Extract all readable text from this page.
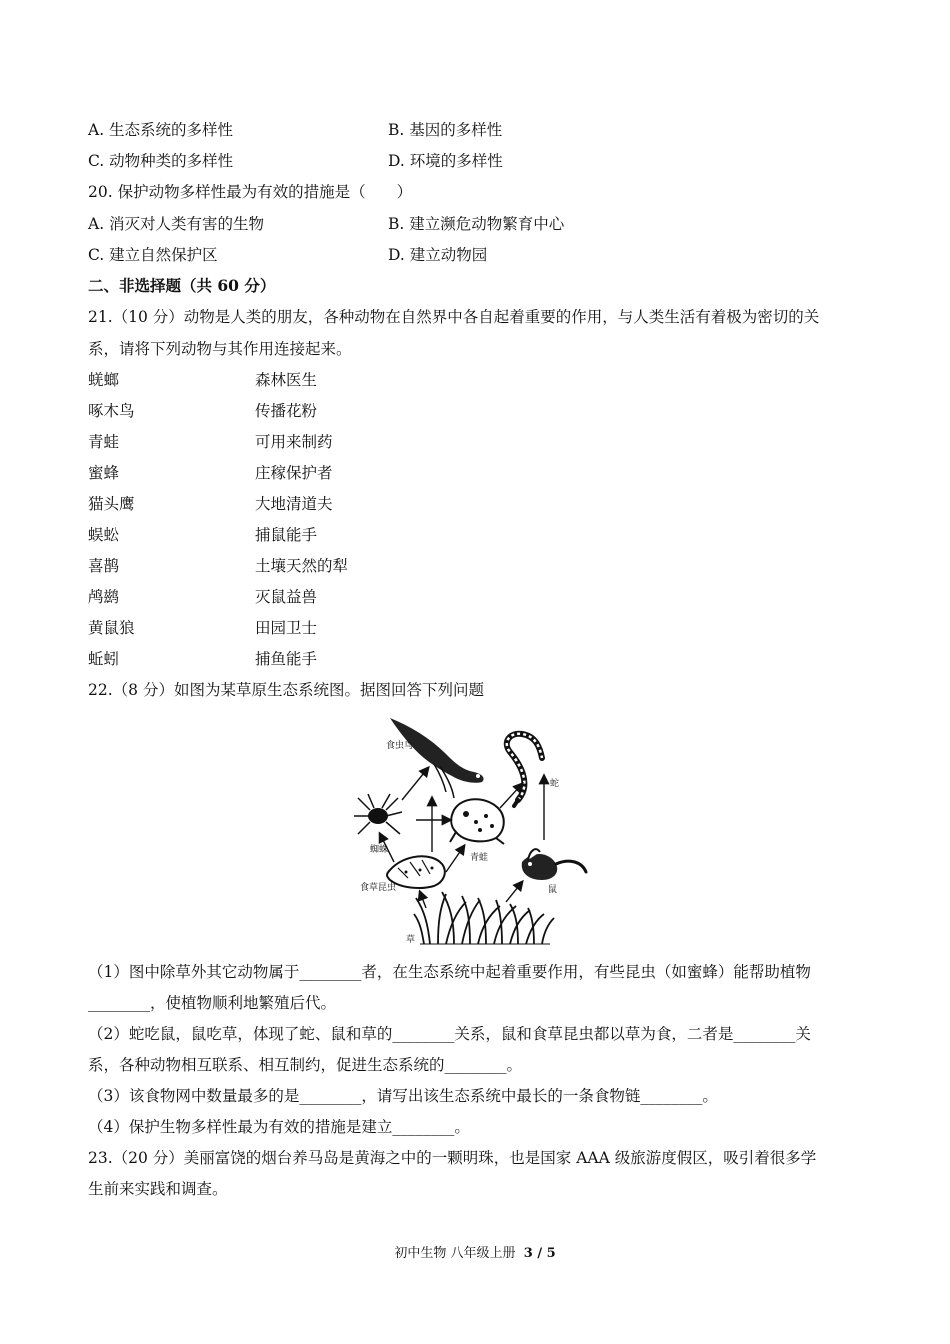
A. 生态系统的多样性	B. 基因的多样性
C. 动物种类的多样性	D. 环境的多样性
20. 保护动物多样性最为有效的措施是（　　）
A. 消灭对人类有害的生物	B. 建立濒危动物繁育中心
C. 建立自然保护区	D. 建立动物园
二、非选择题（共 60 分）
21.（10 分）动物是人类的朋友，各种动物在自然界中各自起着重要的作用，与人类生活有着极为密切的关
系，请将下列动物与其作用连接起来。
蜣螂	森林医生
啄木鸟	传播花粉
青蛙	可用来制药
蜜蜂	庄稼保护者
猫头鹰	大地清道夫
蜈蚣	捕鼠能手
喜鹊	土壤天然的犁
鸬鹚	灭鼠益兽
黄鼠狼	田园卫士
蚯蚓	捕鱼能手
22.（8 分）如图为某草原生态系统图。据图回答下列问题
食虫鸟
蛇
蜘蛛
青蛙
食草昆虫	鼠
草
（1）图中除草外其它动物属于________者，在生态系统中起着重要作用，有些昆虫（如蜜蜂）能帮助植物
________，使植物顺利地繁殖后代。
（2）蛇吃鼠，鼠吃草，体现了蛇、鼠和草的________关系，鼠和食草昆虫都以草为食，二者是________关
系，各种动物相互联系、相互制约，促进生态系统的________。
（3）该食物网中数量最多的是________，请写出该生态系统中最长的一条食物链________。
（4）保护生物多样性最为有效的措施是建立________。
23.（20 分）美丽富饶的烟台养马岛是黄海之中的一颗明珠，也是国家 AAA 级旅游度假区，吸引着很多学
生前来实践和调查。
初中生物 八年级上册 3 / 5
